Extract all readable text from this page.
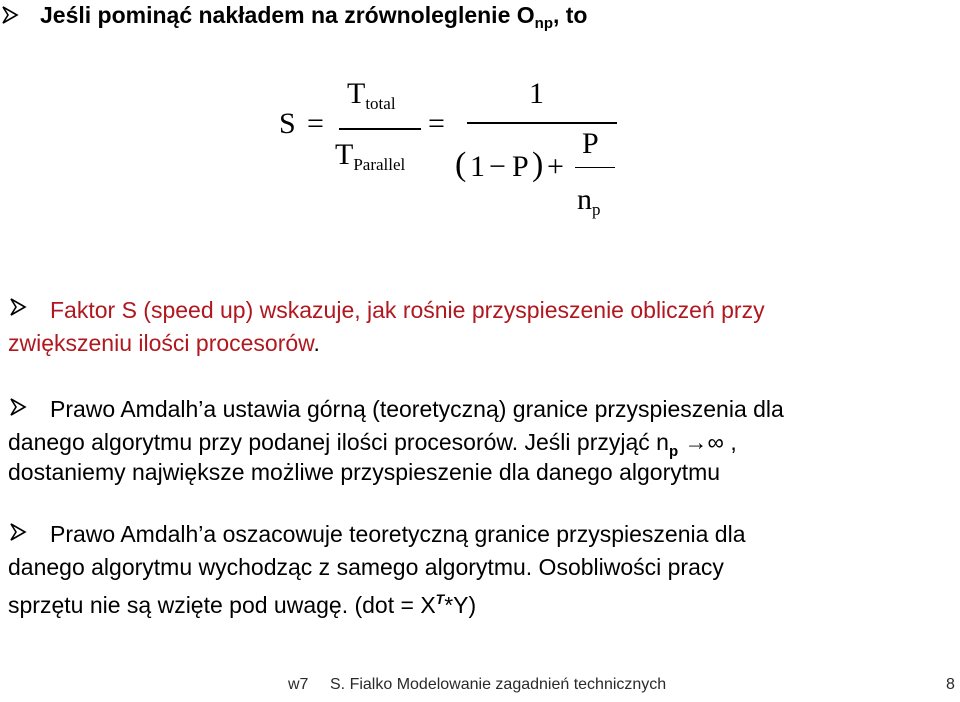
Jeśli pominąć nakładem na zrównoleglenie $O_{np}$, to
S =
$T_{total}$
$T_{Parallel}$
=
1
( 1 − P ) +
P
$n_p$
Faktor S (speed up) wskazuje, jak rośnie przyspieszenie obliczeń przy
zwiększeniu ilości procesorów.
Prawo Amdalh’a ustawia górną (teoretyczną) granice przyspieszenia dla
danego algorytmu przy podanej ilości procesorów. Jeśli przyjąć $n_p$ →∞ ,
dostaniemy największe możliwe przyspieszenie dla danego algorytmu
Prawo Amdalh’a oszacowuje teoretyczną granice przyspieszenia dla
danego algorytmu wychodząc z samego algorytmu. Osobliwości pracy
sprzętu nie są wzięte pod uwagę. $(dot = X^T*Y)$
w7 S. Fialko Modelowanie zagadnień technicznych	8
